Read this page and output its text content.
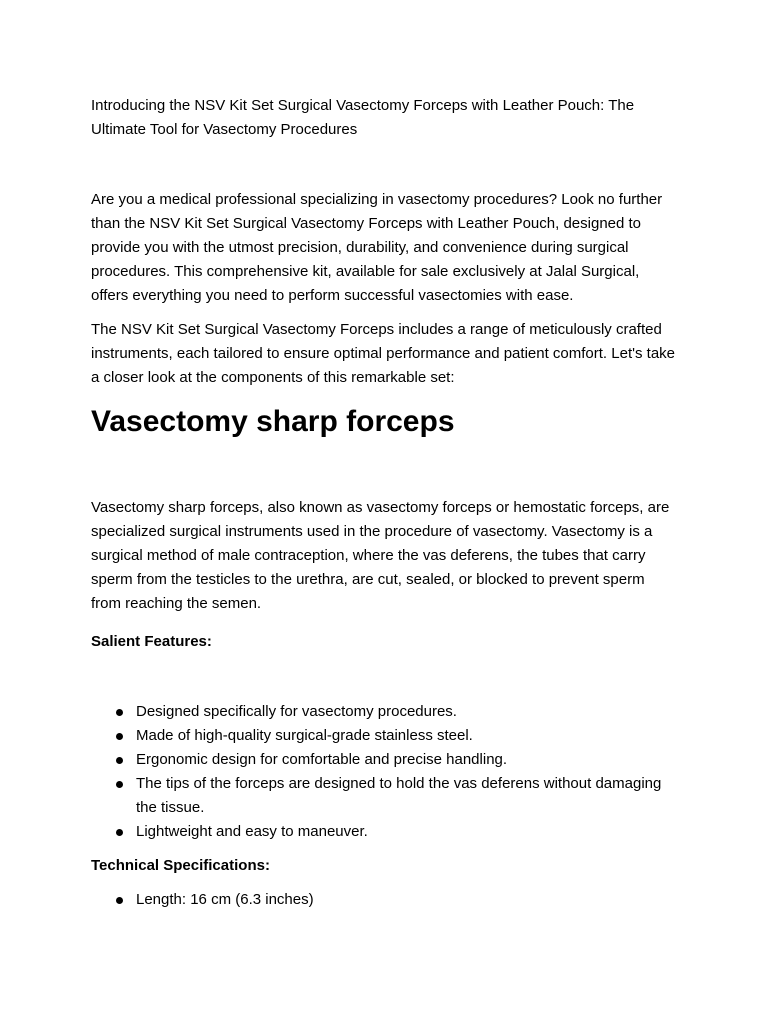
Introducing the NSV Kit Set Surgical Vasectomy Forceps with Leather Pouch: The Ultimate Tool for Vasectomy Procedures

Are you a medical professional specializing in vasectomy procedures? Look no further than the NSV Kit Set Surgical Vasectomy Forceps with Leather Pouch, designed to provide you with the utmost precision, durability, and convenience during surgical procedures. This comprehensive kit, available for sale exclusively at Jalal Surgical, offers everything you need to perform successful vasectomies with ease.

The NSV Kit Set Surgical Vasectomy Forceps includes a range of meticulously crafted instruments, each tailored to ensure optimal performance and patient comfort. Let's take a closer look at the components of this remarkable set:

Vasectomy sharp forceps

Vasectomy sharp forceps, also known as vasectomy forceps or hemostatic forceps, are specialized surgical instruments used in the procedure of vasectomy. Vasectomy is a surgical method of male contraception, where the vas deferens, the tubes that carry sperm from the testicles to the urethra, are cut, sealed, or blocked to prevent sperm from reaching the semen.

Salient Features:

Designed specifically for vasectomy procedures.
Made of high-quality surgical-grade stainless steel.
Ergonomic design for comfortable and precise handling.
The tips of the forceps are designed to hold the vas deferens without damaging the tissue.
Lightweight and easy to maneuver.

Technical Specifications:

Length: 16 cm (6.3 inches)
